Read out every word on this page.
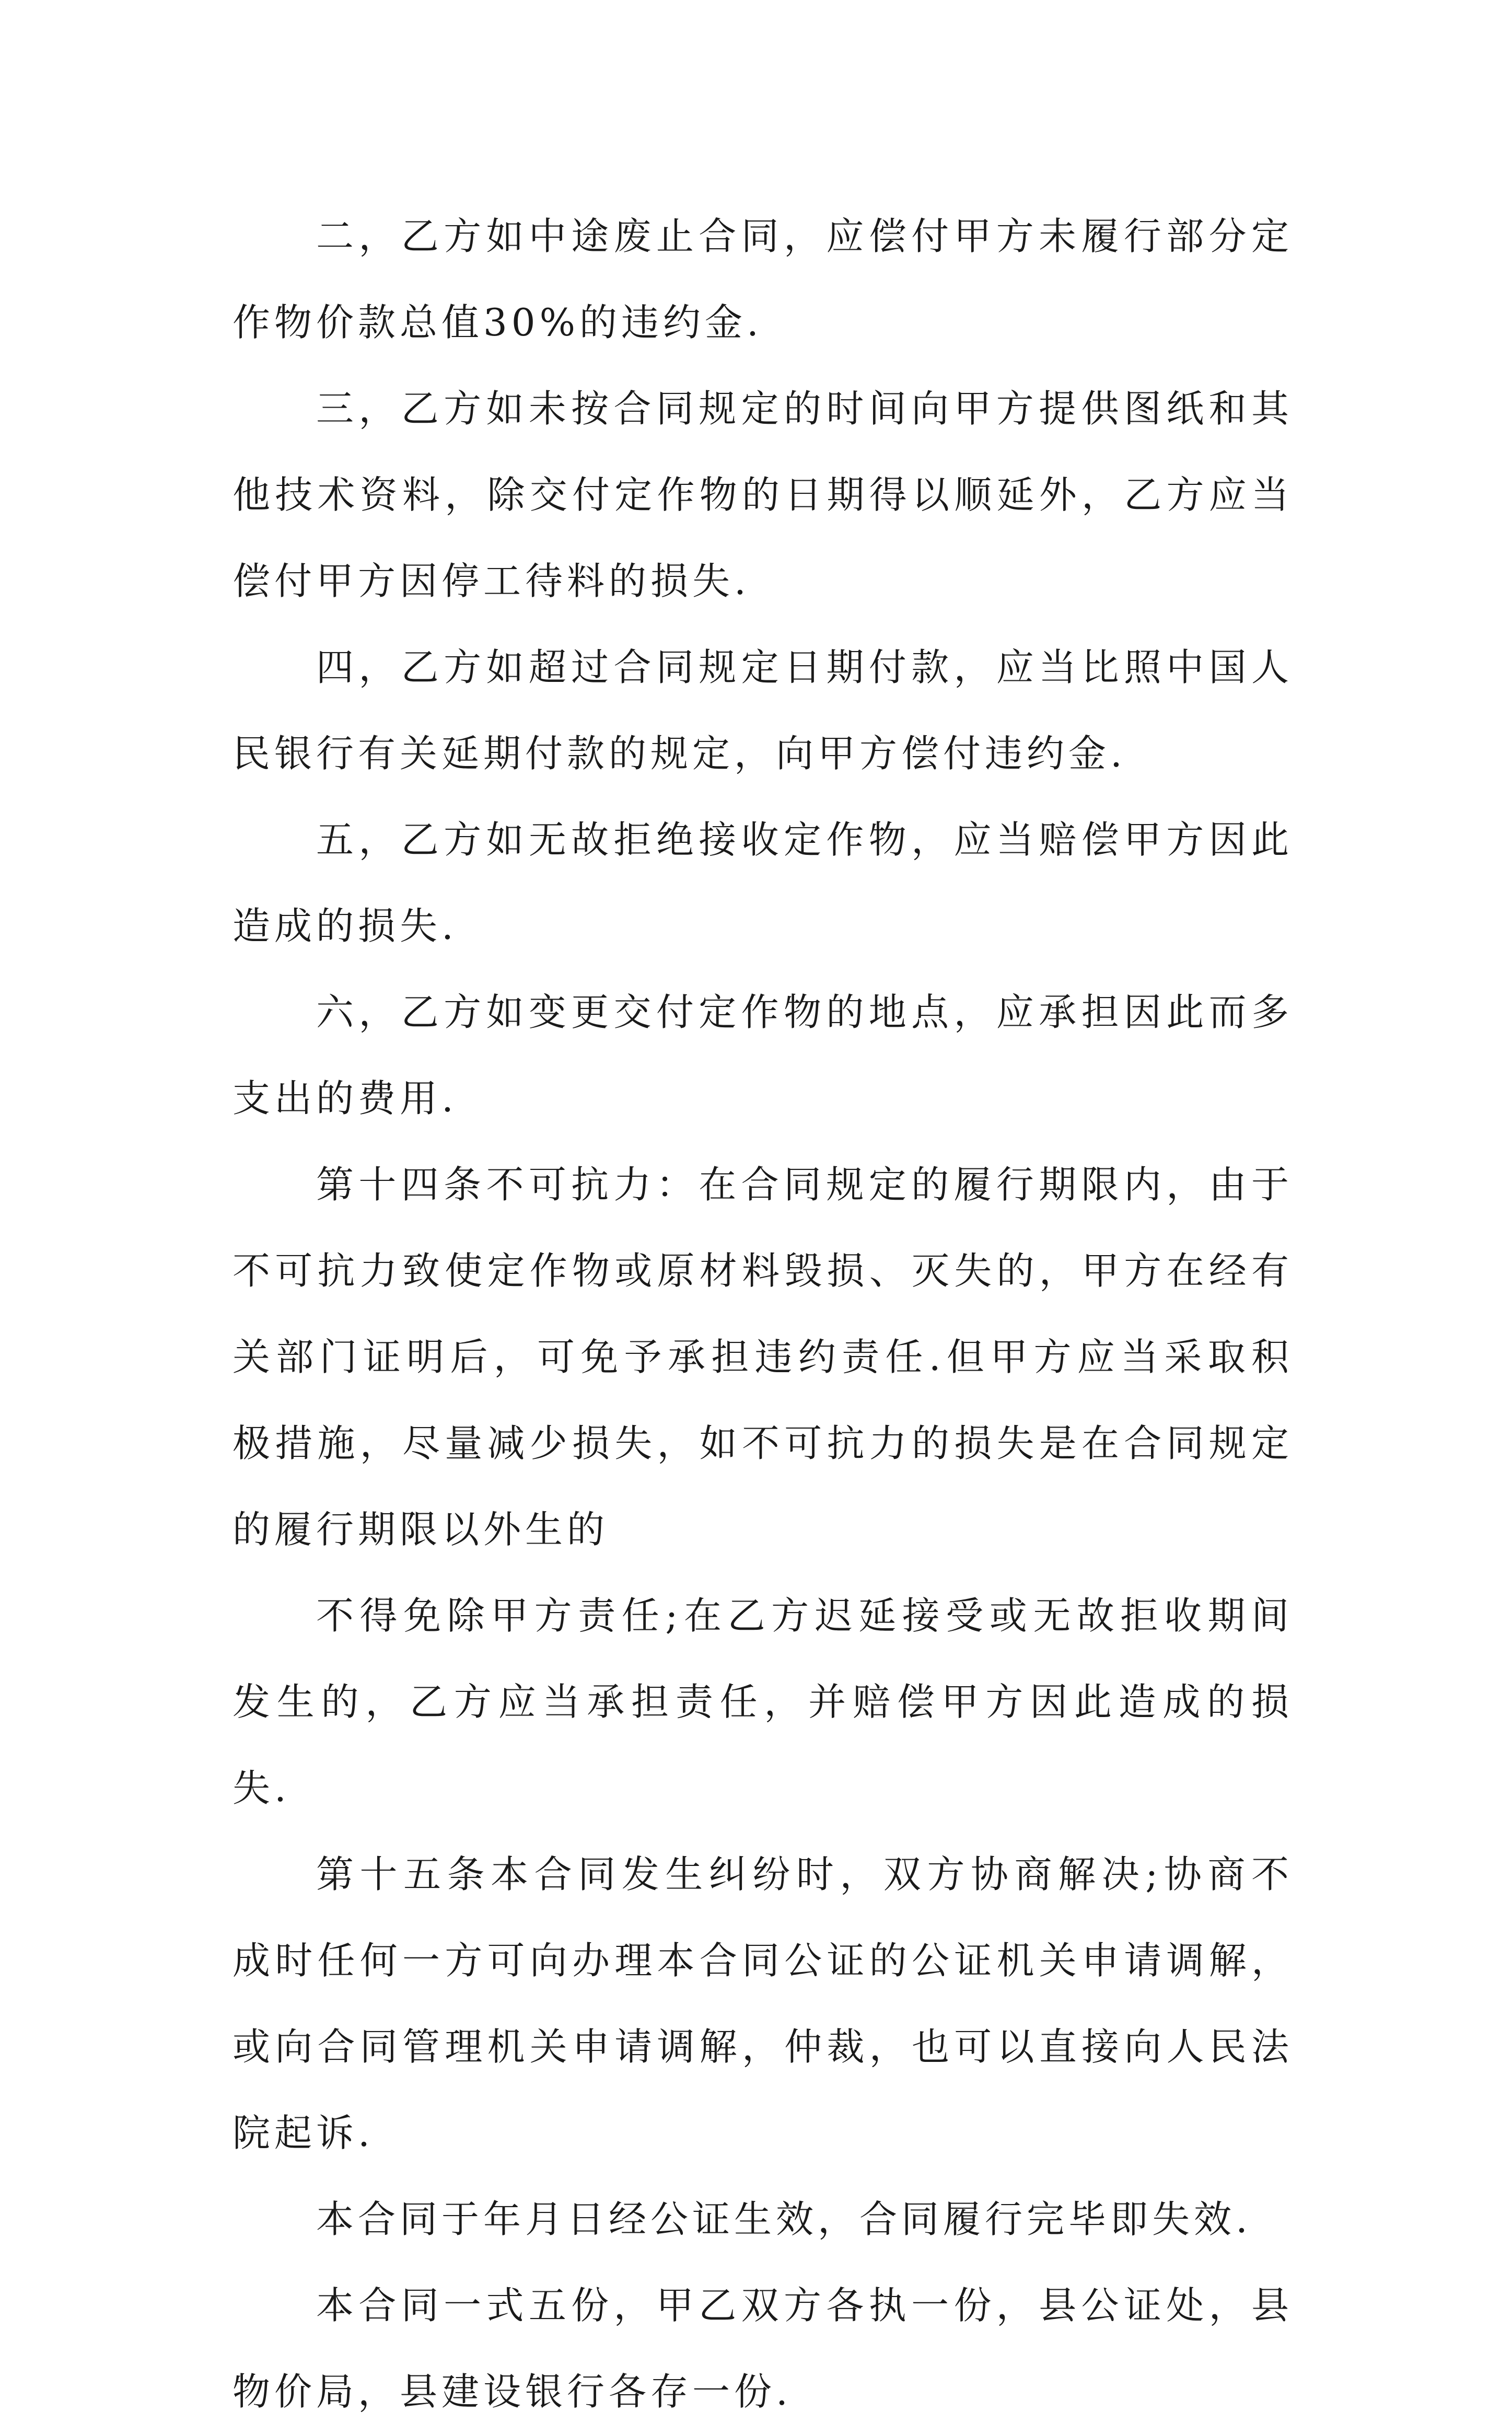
二，乙方如中途废止合同，应偿付甲方未履行部分定作物价款总值30%的违约金.

三，乙方如未按合同规定的时间向甲方提供图纸和其他技术资料，除交付定作物的日期得以顺延外，乙方应当偿付甲方因停工待料的损失.

四，乙方如超过合同规定日期付款，应当比照中国人民银行有关延期付款的规定，向甲方偿付违约金.

五，乙方如无故拒绝接收定作物，应当赔偿甲方因此造成的损失.

六，乙方如变更交付定作物的地点，应承担因此而多支出的费用.

第十四条不可抗力：在合同规定的履行期限内，由于不可抗力致使定作物或原材料毁损、灭失的，甲方在经有关部门证明后，可免予承担违约责任.但甲方应当采取积极措施，尽量减少损失，如不可抗力的损失是在合同规定的履行期限以外生的

不得免除甲方责任;在乙方迟延接受或无故拒收期间发生的，乙方应当承担责任，并赔偿甲方因此造成的损失.

第十五条本合同发生纠纷时，双方协商解决;协商不成时任何一方可向办理本合同公证的公证机关申请调解，或向合同管理机关申请调解，仲裁，也可以直接向人民法院起诉.

本合同于年月日经公证生效，合同履行完毕即失效.

本合同一式五份，甲乙双方各执一份，县公证处，县物价局，县建设银行各存一份.
